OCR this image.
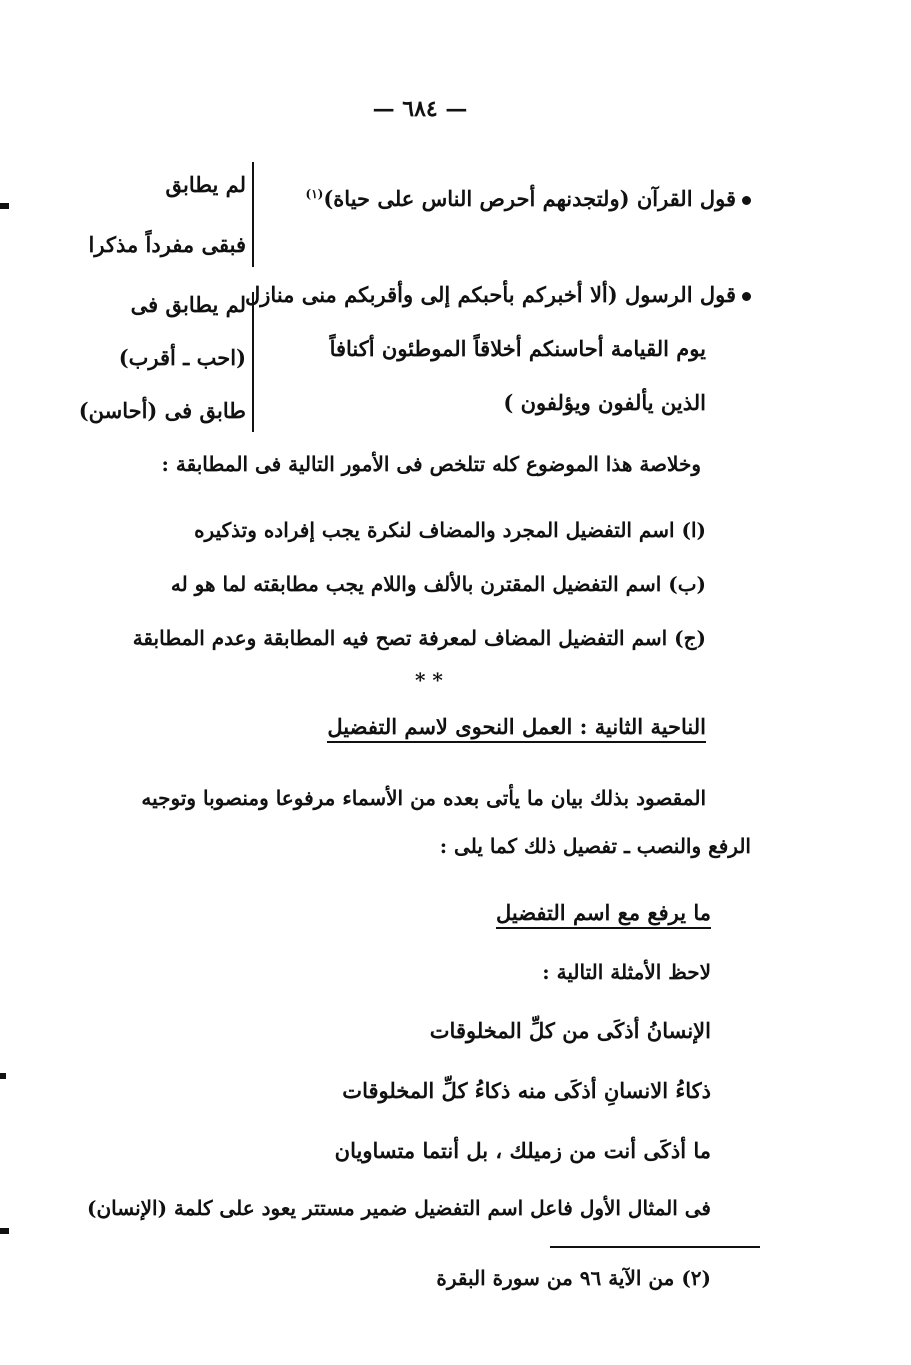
— ٦٨٤ —
لم يطابق
فبقى مفرداً مذكرا
لم يطابق فى
(احب ـ أقرب)
طابق فى (أحاسن)
قول القرآن (ولتجدنهم أحرص الناس على حياة)$^{(١)}$
قول الرسول (ألا أخبركم بأحبكم إلى وأقربكم منى منازل
يوم القيامة أحاسنكم أخلاقاً الموطئون أكنافاً
الذين يألفون ويؤلفون )
وخلاصة هذا الموضوع كله تتلخص فى الأمور التالية فى المطابقة :
(ا) اسم التفضيل المجرد والمضاف لنكرة يجب إفراده وتذكيره
(ب) اسم التفضيل المقترن بالألف واللام يجب مطابقته لما هو له
(ج) اسم التفضيل المضاف لمعرفة تصح فيه المطابقة وعدم المطابقة
* *
الناحية الثانية : العمل النحوى لاسم التفضيل
المقصود بذلك بيان ما يأتى بعده من الأسماء مرفوعا ومنصوبا وتوجيه
الرفع والنصب ـ تفصيل ذلك كما يلى :
ما يرفع مع اسم التفضيل
لاحظ الأمثلة التالية :
الإنسانُ أذكَى من كلِّ المخلوقات
ذكاءُ الانسانِ أذكَى منه ذكاءُ كلِّ المخلوقات
ما أذكَى أنت من زميلك ، بل أنتما متساويان
فى المثال الأول فاعل اسم التفضيل ضمير مستتر يعود على كلمة (الإنسان)
(٢) من الآية ٩٦ من سورة البقرة
